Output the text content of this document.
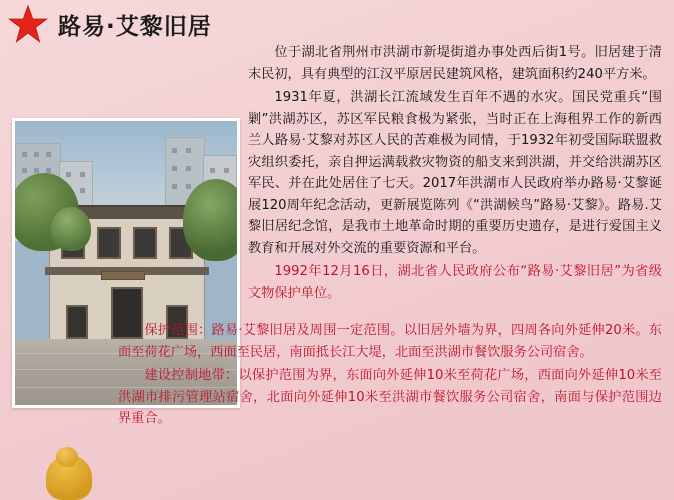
路易·艾黎旧居

位于湖北省荆州市洪湖市新堤街道办事处西后街1号。旧居建于清末民初，具有典型的江汉平原居民建筑风格，建筑面积约240平方米。

1931年夏，洪湖长江流域发生百年不遇的水灾。国民党重兵“围剿”洪湖苏区，苏区军民粮食极为紧张，当时正在上海租界工作的新西兰人路易·艾黎对苏区人民的苦难极为同情，于1932年初受国际联盟救灾组织委托，亲自押运满载救灾物资的船支来到洪湖，并交给洪湖苏区军民、并在此处居住了七天。2017年洪湖市人民政府举办路易·艾黎诞展120周年纪念活动，更新展览陈列《“洪湖候鸟”路易·艾黎》。路易.艾黎旧居纪念馆，是我市土地革命时期的重要历史遗存，是进行爱国主义教育和开展对外交流的重要资源和平台。

1992年12月16日，湖北省人民政府公布“路易·艾黎旧居”为省级文物保护单位。

保护范围：路易·艾黎旧居及周围一定范围。以旧居外墙为界，四周各向外延伸20米。东面至荷花广场，西面至民居，南面抵长江大堤，北面至洪湖市餐饮服务公司宿舍。

建设控制地带：以保护范围为界，东面向外延伸10米至荷花广场，西面向外延伸10米至洪湖市排污管理站宿舍，北面向外延伸10米至洪湖市餐饮服务公司宿舍，南面与保护范围边界重合。
